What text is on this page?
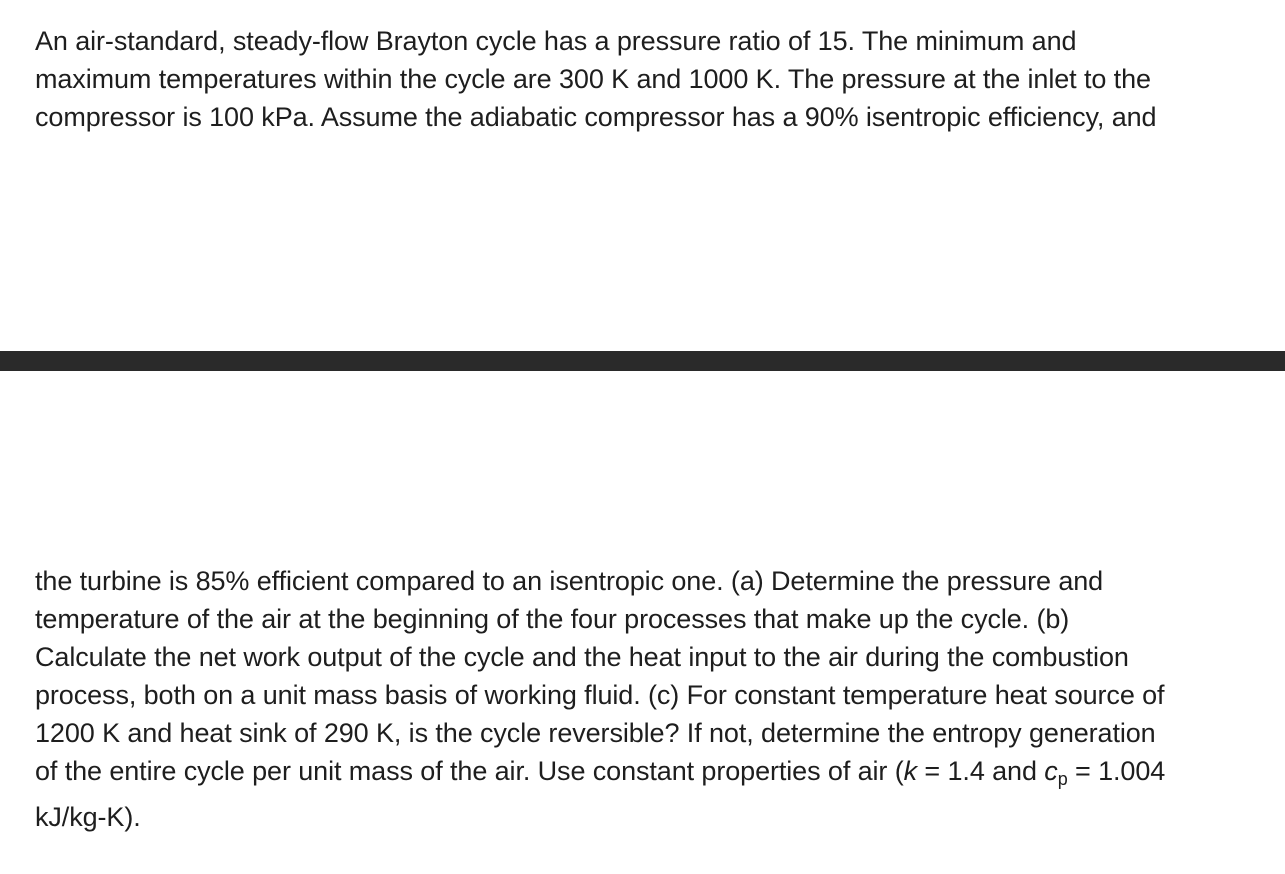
An air-standard, steady-flow Brayton cycle has a pressure ratio of 15. The minimum and
maximum temperatures within the cycle are 300 K and 1000 K. The pressure at the inlet to the
compressor is 100 kPa. Assume the adiabatic compressor has a 90% isentropic efficiency, and
the turbine is 85% efficient compared to an isentropic one. (a) Determine the pressure and
temperature of the air at the beginning of the four processes that make up the cycle. (b)
Calculate the net work output of the cycle and the heat input to the air during the combustion
process, both on a unit mass basis of working fluid. (c) For constant temperature heat source of
1200 K and heat sink of 290 K, is the cycle reversible? If not, determine the entropy generation
of the entire cycle per unit mass of the air. Use constant properties of air (k = 1.4 and $c_p = 1.004$
kJ/kg-K).
